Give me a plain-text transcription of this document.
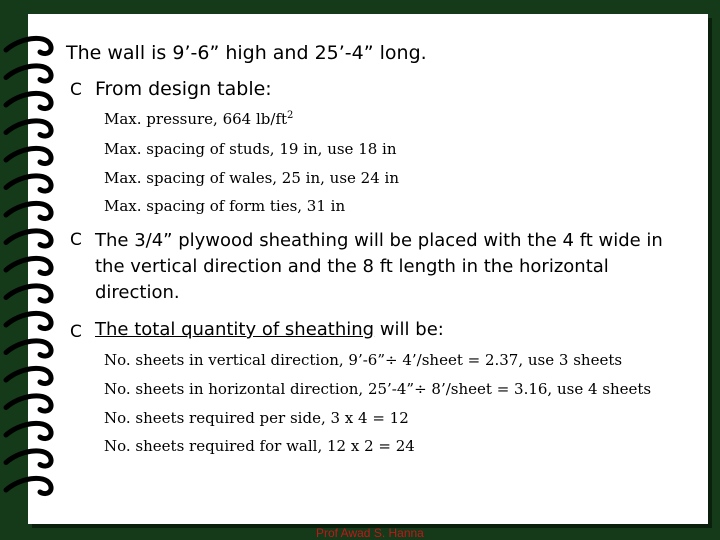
The wall is 9’-6” high and 25’-4” long.
C From design table:
Max. pressure, 664 $lb/ft^2$
Max. spacing of studs, 19 in, use 18 in
Max. spacing of wales, 25 in, use 24 in
Max. spacing of form ties, 31 in
C The 3/4” plywood sheathing will be placed with the 4 ft wide in the vertical direction and the 8 ft length in the horizontal direction.
C The total quantity of sheathing will be:
No. sheets in vertical direction, 9’-6”÷ 4’/sheet = 2.37, use 3 sheets
No. sheets in horizontal direction, 25’-4”÷ 8’/sheet = 3.16, use 4 sheets
No. sheets required per side, 3 x 4 = 12
No. sheets required for wall, 12 x 2 = 24
Prof Awad S. Hanna
